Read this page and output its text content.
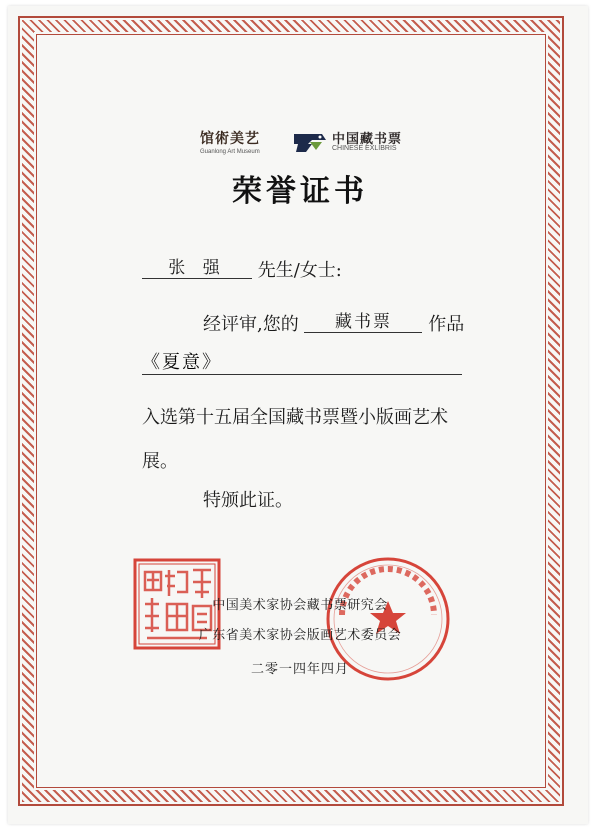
馆術美艺
Guanlong Art Museum
中国藏书票
CHINESE EXLIBRIS
荣誉证书
张 强 先生/女士:
经评审,您的 藏书票 作品
《夏意》
入选第十五届全国藏书票暨小版画艺术展。
特颁此证。
中国美术家协会藏书票研究会
广东省美术家协会版画艺术委员会
二零一四年四月
